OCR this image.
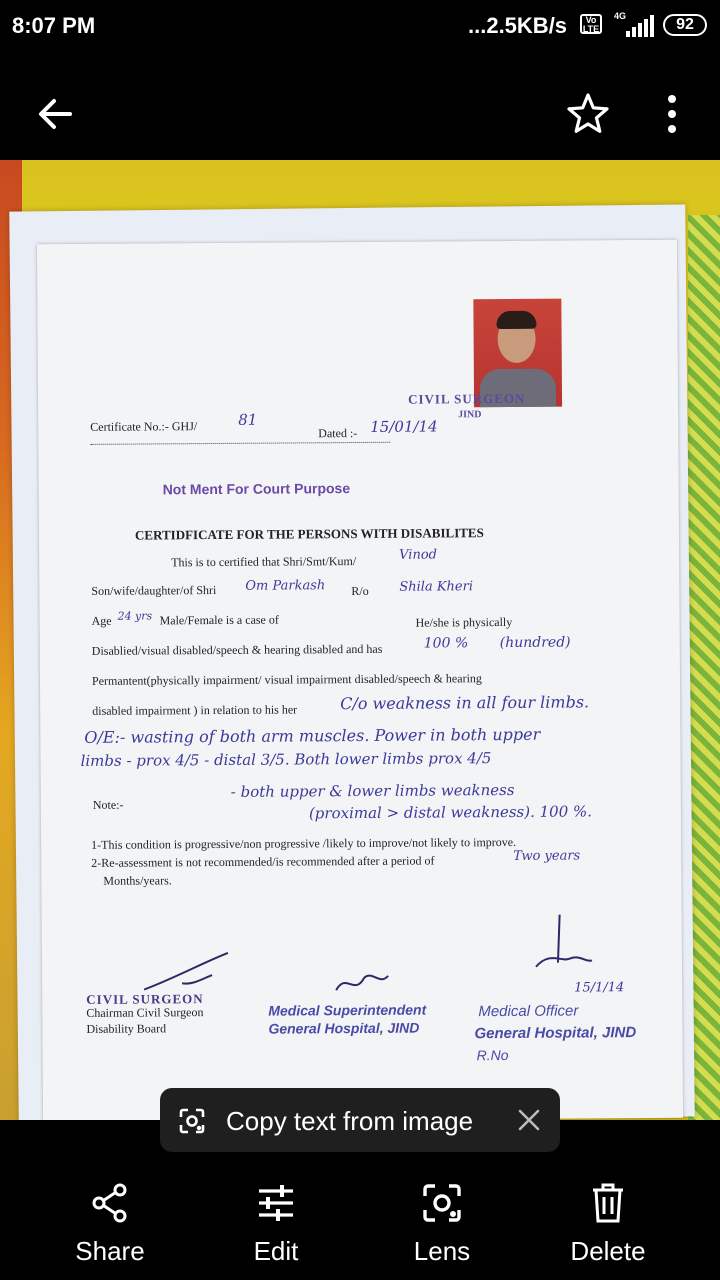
8:07 PM	...2.5KB/s	Vo
LTE
4G	92
CIVIL SURGEON
JIND
Certificate No.:- GHJ/	81
Dated :- 15/01/14
Not Ment For Court Purpose
CERTIDFICATE FOR THE PERSONS WITH DISABILITES
This is to certified that Shri/Smt/Kum/	Vinod
Son/wife/daughter/of Shri Om Parkash R/o Shila Kheri
Age 24 yrs Male/Female is a case of	He/she is physically
Disablied/visual disabled/speech & hearing disabled and has	100 % (hundred)
Permantent(physically impairment/ visual impairment disabled/speech & hearing
disabled impairment ) in relation to his her	C/o weakness in all four limbs.
O/E:- wasting of both arm muscles. Power in both upper
limbs - prox 4/5 - distal 3/5. Both lower limbs prox 4/5
Note:-
- both upper & lower limbs weakness
(proximal > distal weakness). 100 %.
1-This condition is progressive/non progressive /likely to improve/not likely to improve.
2-Re-assessment is not recommended/is recommended after a period of	Two years
Months/years.
CIVIL SURGEON
Chairman Civil Surgeon
Disability Board
Medical Superintendent
General Hospital, JIND
15/1/14
Medical Officer
General Hospital, JIND
R.No
Copy text from image
Share	Edit	Lens	Delete
